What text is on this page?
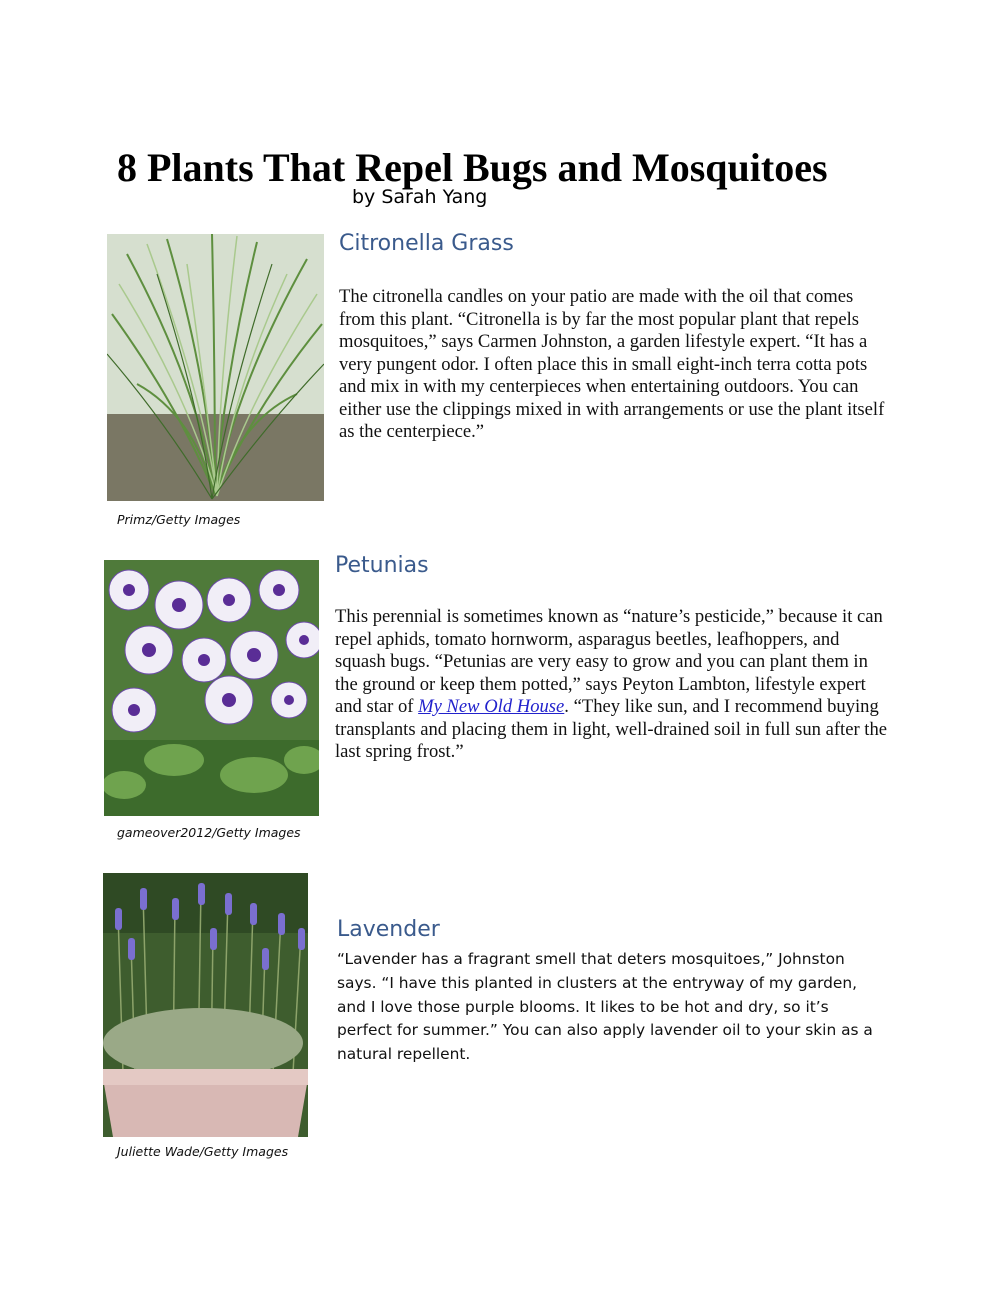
8 Plants That Repel Bugs and Mosquitoes
by Sarah Yang
Primz/Getty Images
Citronella Grass

The citronella candles on your patio are made with the oil that comes from this plant. “Citronella is by far the most popular plant that repels mosquitoes,” says Carmen Johnston, a garden lifestyle expert. “It has a very pungent odor. I often place this in small eight-inch terra cotta pots and mix in with my centerpieces when entertaining outdoors. You can either use the clippings mixed in with arrangements or use the plant itself as the centerpiece.”

gameover2012/Getty Images
Petunias

This perennial is sometimes known as “nature’s pesticide,” because it can repel aphids, tomato hornworm, asparagus beetles, leafhoppers, and squash bugs. “Petunias are very easy to grow and you can plant them in the ground or keep them potted,” says Peyton Lambton, lifestyle expert and star of My New Old House. “They like sun, and I recommend buying transplants and placing them in light, well-drained soil in full sun after the last spring frost.”

Juliette Wade/Getty Images
Lavender

“Lavender has a fragrant smell that deters mosquitoes,” Johnston says. “I have this planted in clusters at the entryway of my garden, and I love those purple blooms. It likes to be hot and dry, so it’s perfect for summer.” You can also apply lavender oil to your skin as a natural repellent.
